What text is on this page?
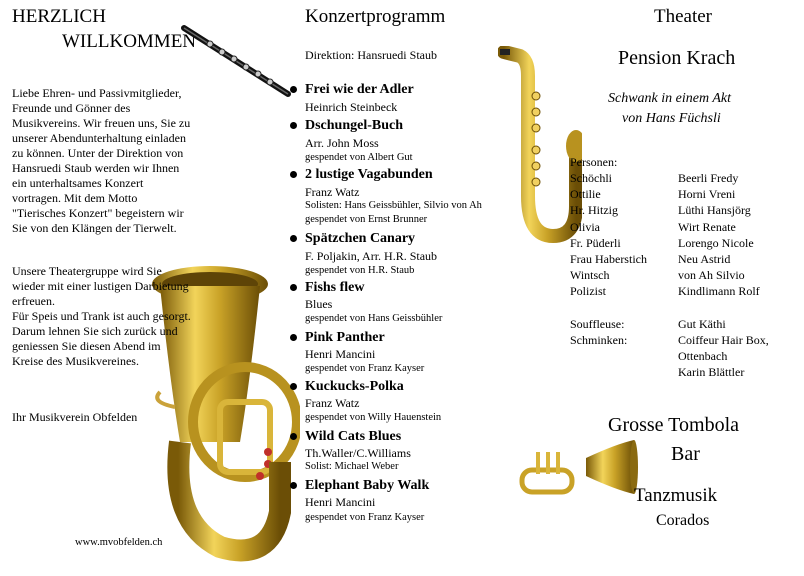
HERZLICH
WILLKOMMEN
Liebe Ehren- und Passivmitglieder,
Freunde und Gönner des
Musikvereins. Wir freuen uns, Sie zu
unserer Abendunterhaltung einladen
zu können. Unter der Direktion von
Hansruedi Staub werden wir Ihnen
ein unterhaltsames Konzert
vortragen. Mit dem Motto
"Tierisches Konzert" begeistern wir
Sie von den Klängen der Tierwelt.
Unsere Theatergruppe wird Sie
wieder mit einer lustigen Darbietung
erfreuen.
Für Speis und Trank ist auch gesorgt.
Darum lehnen Sie sich zurück und
geniessen Sie diesen Abend im
Kreise des Musikvereines.
Ihr Musikverein Obfelden
www.mvobfelden.ch
Konzertprogramm
Direktion: Hansruedi Staub
Frei wie der Adler
Heinrich Steinbeck
Dschungel-Buch
Arr. John Moss
gespendet von Albert Gut
2 lustige Vagabunden
Franz Watz
Solisten: Hans Geissbühler, Silvio von Ah
gespendet von Ernst Brunner
Spätzchen Canary
F. Poljakin, Arr. H.R. Staub
gespendet von H.R. Staub
Fishs flew
Blues
gespendet von Hans Geissbühler
Pink Panther
Henri Mancini
gespendet von Franz Kayser
Kuckucks-Polka
Franz Watz
gespendet von Willy Hauenstein
Wild Cats Blues
Th.Waller/C.Williams
Solist: Michael Weber
Elephant Baby Walk
Henri Mancini
gespendet von Franz Kayser
Theater
Pension Krach
Schwank in einem Akt
von Hans Füchsli
Personen:
Schöchli
Ottilie
Hr. Hitzig
Olivia
Fr. Püderli
Frau Haberstich
Wintsch
Polizist
Beerli Fredy
Horni Vreni
Lüthi Hansjörg
Wirt Renate
Lorengo Nicole
Neu Astrid
von Ah Silvio
Kindlimann Rolf
Souffleuse:	Gut Käthi
Schminken:	Coiffeur Hair Box,
Ottenbach
Karin Blättler
Grosse Tombola
Bar
Tanzmusik
Corados
